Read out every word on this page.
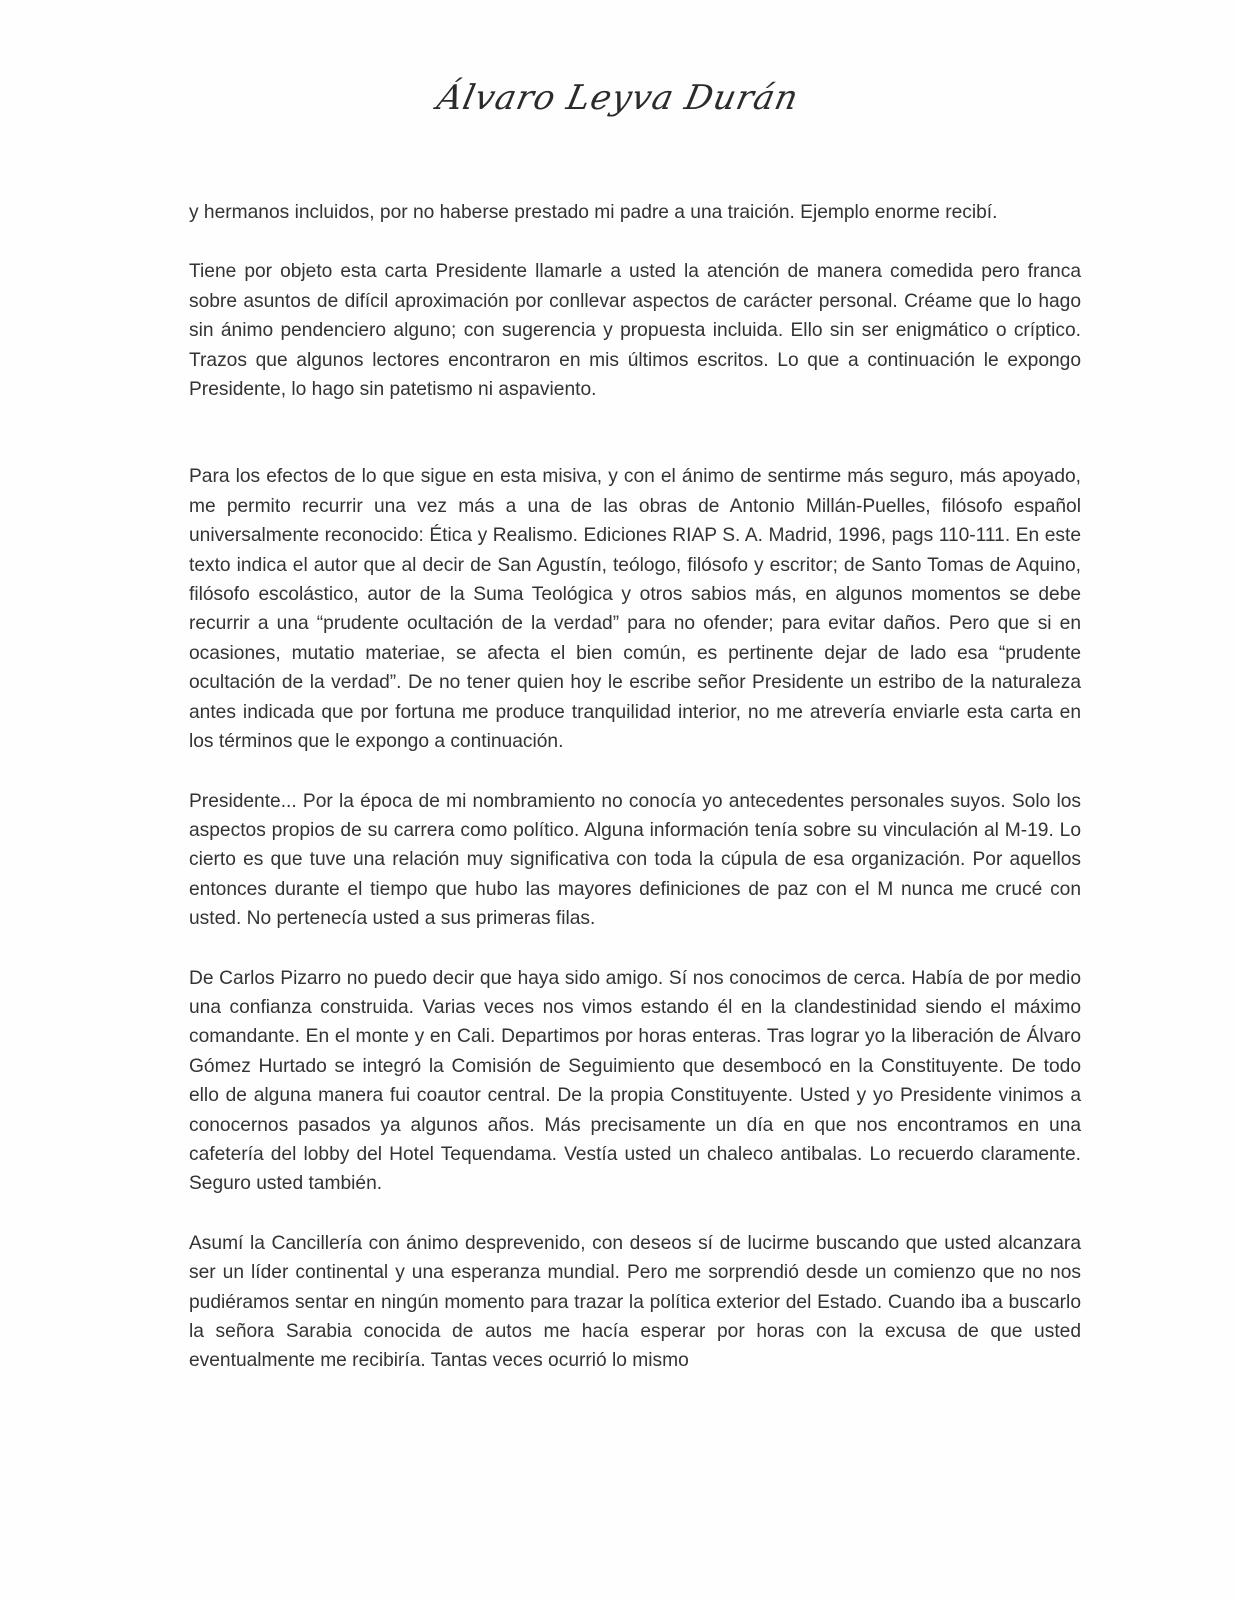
Álvaro Leyva Durán

y hermanos incluidos, por no haberse prestado mi padre a una traición. Ejemplo enorme recibí.

Tiene por objeto esta carta Presidente llamarle a usted la atención de manera comedida pero franca sobre asuntos de difícil aproximación por conllevar aspectos de carácter personal. Créame que lo hago sin ánimo pendenciero alguno; con sugerencia y propuesta incluida. Ello sin ser enigmático o críptico. Trazos que algunos lectores encontraron en mis últimos escritos. Lo que a continuación le expongo Presidente, lo hago sin patetismo ni aspaviento.

Para los efectos de lo que sigue en esta misiva, y con el ánimo de sentirme más seguro, más apoyado, me permito recurrir una vez más a una de las obras de Antonio Millán-Puelles, filósofo español universalmente reconocido: Ética y Realismo. Ediciones RIAP S. A. Madrid, 1996, pags 110-111. En este texto indica el autor que al decir de San Agustín, teólogo, filósofo y escritor; de Santo Tomas de Aquino, filósofo escolástico, autor de la Suma Teológica y otros sabios más, en algunos momentos se debe recurrir a una “prudente ocultación de la verdad” para no ofender; para evitar daños. Pero que si en ocasiones, mutatio materiae, se afecta el bien común, es pertinente dejar de lado esa “prudente ocultación de la verdad”. De no tener quien hoy le escribe señor Presidente un estribo de la naturaleza antes indicada que por fortuna me produce tranquilidad interior, no me atrevería enviarle esta carta en los términos que le expongo a continuación.

Presidente... Por la época de mi nombramiento no conocía yo antecedentes personales suyos. Solo los aspectos propios de su carrera como político. Alguna información tenía sobre su vinculación al M-19. Lo cierto es que tuve una relación muy significativa con toda la cúpula de esa organización. Por aquellos entonces durante el tiempo que hubo las mayores definiciones de paz con el M nunca me crucé con usted. No pertenecía usted a sus primeras filas.

De Carlos Pizarro no puedo decir que haya sido amigo. Sí nos conocimos de cerca. Había de por medio una confianza construida. Varias veces nos vimos estando él en la clandestinidad siendo el máximo comandante. En el monte y en Cali. Departimos por horas enteras. Tras lograr yo la liberación de Álvaro Gómez Hurtado se integró la Comisión de Seguimiento que desembocó en la Constituyente. De todo ello de alguna manera fui coautor central. De la propia Constituyente. Usted y yo Presidente vinimos a conocernos pasados ya algunos años. Más precisamente un día en que nos encontramos en una cafetería del lobby del Hotel Tequendama. Vestía usted un chaleco antibalas. Lo recuerdo claramente. Seguro usted también.

Asumí la Cancillería con ánimo desprevenido, con deseos sí de lucirme buscando que usted alcanzara ser un líder continental y una esperanza mundial. Pero me sorprendió desde un comienzo que no nos pudiéramos sentar en ningún momento para trazar la política exterior del Estado. Cuando iba a buscarlo la señora Sarabia conocida de autos me hacía esperar por horas con la excusa de que usted eventualmente me recibiría. Tantas veces ocurrió lo mismo
